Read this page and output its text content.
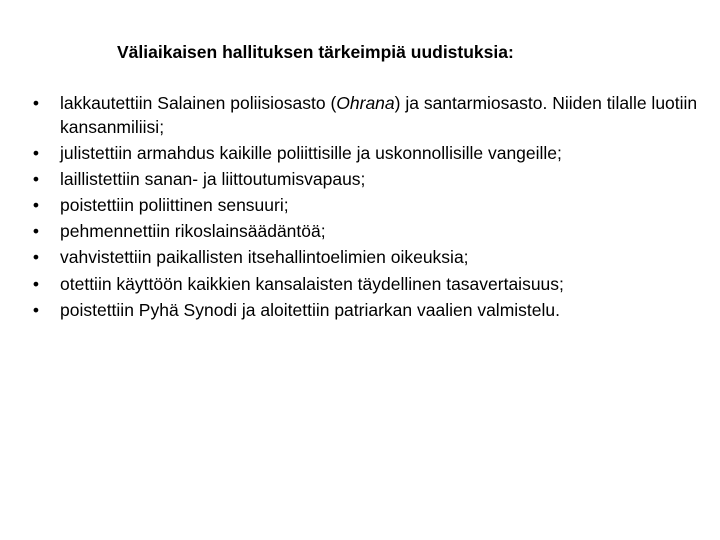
Väliaikaisen hallituksen tärkeimpiä uudistuksia:
• lakkautettiin Salainen poliisiosasto (Ohrana) ja santarmiosasto. Niiden tilalle luotiin kansanmiliisi;
• julistettiin armahdus kaikille poliittisille ja uskonnollisille vangeille;
• laillistettiin sanan- ja liittoutumisvapaus;
• poistettiin poliittinen sensuuri;
• pehmennettiin rikoslainsäädäntöä;
• vahvistettiin paikallisten itsehallintoelimien oikeuksia;
• otettiin käyttöön kaikkien kansalaisten täydellinen tasavertaisuus;
• poistettiin Pyhä Synodi ja aloitettiin patriarkan vaalien valmistelu.
